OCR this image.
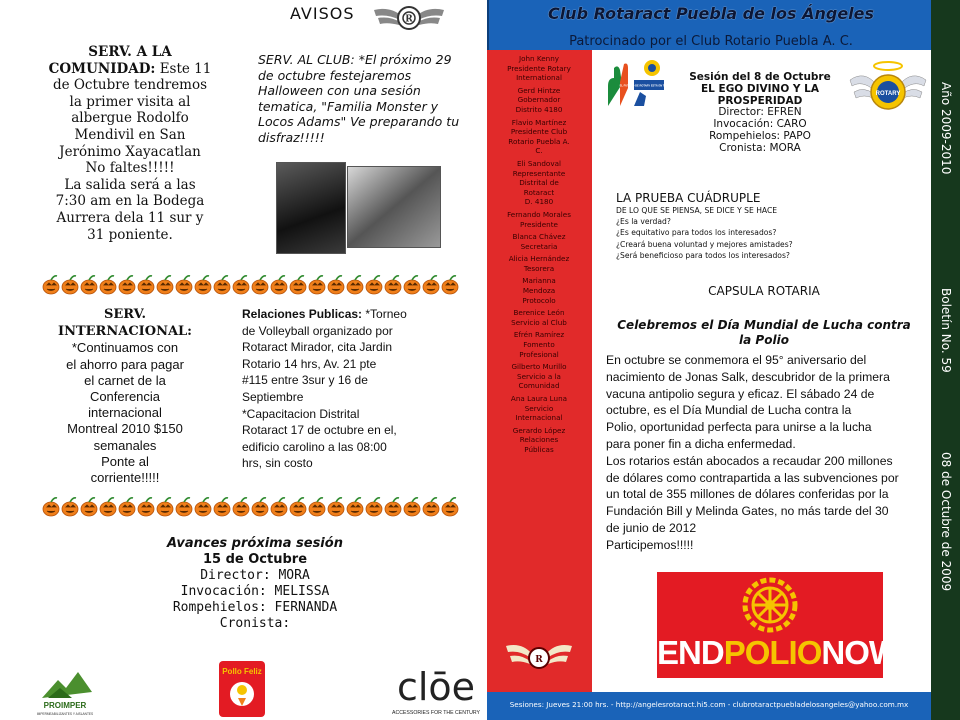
AVISOS	R
SERV. A LA COMUNIDAD: Este 11
de Octubre tendremos
la primer visita al
albergue Rodolfo
Mendivil en San
Jerónimo Xayacatlan
No faltes!!!!!
La salida será a las
7:30 am en la Bodega
Aurrera dela 11 sur y
31 poniente.
SERV. AL CLUB: *El próximo 29
de octubre festejaremos
Halloween con una sesión
tematica, "Familia Monster y
Locos Adams" Ve preparando tu
disfraz!!!!!
SERV.
INTERNACIONAL:
*Continuamos con
el ahorro para pagar
el carnet de la
Conferencia
internacional
Montreal 2010 $150
semanales
Ponte al
corriente!!!!!
Relaciones Publicas: *Torneo
de Volleyball organizado por
Rotaract Mirador, cita Jardin
Rotario 14 hrs, Av. 21 pte
#115 entre 3sur y 16 de
Septiembre
*Capacitacion Distrital
Rotaract 17 de octubre en el,
edificio carolino a las 08:00
hrs, sin costo
Avances próxima sesión
15 de Octubre
Director: MORA
Invocación: MELISSA
Rompehielos: FERNANDA
Cronista:
PROIMPER
IMPERMEABILIZANTES Y AISLANTES
Pollo Feliz	clōe
ACCESSORIES FOR THE CENTURY
Club Rotaract Puebla de los Ángeles
Patrocinado por el Club Rotario Puebla A. C.
Año 2009-2010
Boletín No. 59
08 de Octubre de 2009
John Kenny
Presidente Rotary
International

Gerd Hintze
Gobernador
Distrito 4180

Flavio Martínez
Presidente Club
Rotario Puebla A.
C.

Eli Sandoval
Representante
Distrital de
Rotaract
D. 4180

Fernando Morales
Presidente

Blanca Chávez
Secretaria

Alicia Hernández
Tesorera

Marianna
Mendoza
Protocolo

Berenice León
Servicio al Club

Efrén Ramírez
Fomento
Profesional

Gilberto Murillo
Servicio a la
Comunidad

Ana Laura Luna
Servicio
Internacional

Gerardo López
Relaciones
Públicas

R
Sesiones: Jueves 21:00 hrs. - http://angelesrotaract.hi5.com - clubrotaractpuebladelosangeles@yahoo.com.mx
EL FUTURO DE ROTARY ESTÁ EN TUS MANOS
ROTARY
Sesión del 8 de Octubre
EL EGO DIVINO Y LA
PROSPERIDAD
Director: EFREN
Invocación: CARO
Rompehielos: PAPO
Cronista: MORA
LA PRUEBA CUÁDRUPLE
DE LO QUE SE PIENSA, SE DICE Y SE HACE
¿Es la verdad?
¿Es equitativo para todos los interesados?
¿Creará buena voluntad y mejores amistades?
¿Será beneficioso para todos los interesados?
CAPSULA ROTARIA
Celebremos el Día Mundial de Lucha contra
la Polio
En octubre se conmemora el 95° aniversario del
nacimiento de Jonas Salk, descubridor de la primera
vacuna antipolio segura y eficaz. El sábado 24 de
octubre, es el Día Mundial de Lucha contra la
Polio, oportunidad perfecta para unirse a la lucha
para poner fin a dicha enfermedad.
Los rotarios están abocados a recaudar 200 millones
de dólares como contrapartida a las subvenciones por
un total de 355 millones de dólares conferidas por la
Fundación Bill y Melinda Gates, no más tarde del 30
de junio de 2012
Participemos!!!!!
ENDPOLIONOW
